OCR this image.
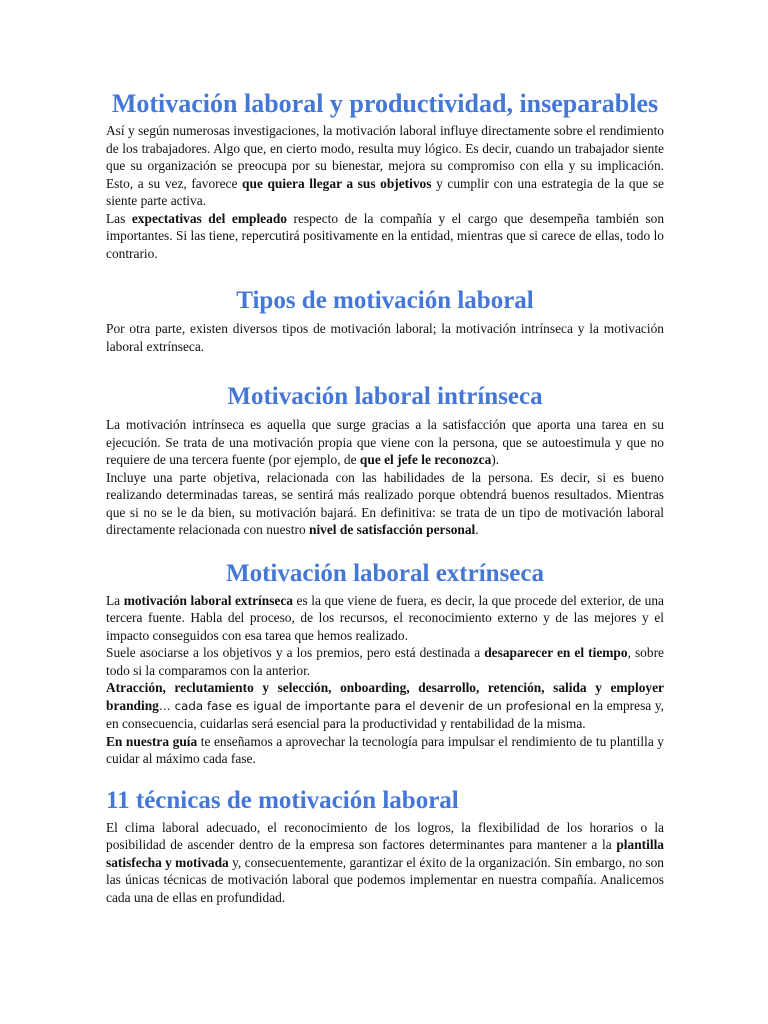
Motivación laboral y productividad, inseparables

Así y según numerosas investigaciones, la motivación laboral influye directamente sobre el rendimiento de los trabajadores. Algo que, en cierto modo, resulta muy lógico. Es decir, cuando un trabajador siente que su organización se preocupa por su bienestar, mejora su compromiso con ella y su implicación. Esto, a su vez, favorece que quiera llegar a sus objetivos y cumplir con una estrategia de la que se siente parte activa.

Las expectativas del empleado respecto de la compañía y el cargo que desempeña también son importantes. Si las tiene, repercutirá positivamente en la entidad, mientras que si carece de ellas, todo lo contrario.

Tipos de motivación laboral

Por otra parte, existen diversos tipos de motivación laboral; la motivación intrínseca y la motivación laboral extrínseca.

Motivación laboral intrínseca

La motivación intrínseca es aquella que surge gracias a la satisfacción que aporta una tarea en su ejecución. Se trata de una motivación propia que viene con la persona, que se autoestimula y que no requiere de una tercera fuente (por ejemplo, de que el jefe le reconozca).

Incluye una parte objetiva, relacionada con las habilidades de la persona. Es decir, si es bueno realizando determinadas tareas, se sentirá más realizado porque obtendrá buenos resultados. Mientras que si no se le da bien, su motivación bajará. En definitiva: se trata de un tipo de motivación laboral directamente relacionada con nuestro nivel de satisfacción personal.

Motivación laboral extrínseca

La motivación laboral extrínseca es la que viene de fuera, es decir, la que procede del exterior, de una tercera fuente. Habla del proceso, de los recursos, el reconocimiento externo y de las mejores y el impacto conseguidos con esa tarea que hemos realizado.

Suele asociarse a los objetivos y a los premios, pero está destinada a desaparecer en el tiempo, sobre todo si la comparamos con la anterior.

Atracción, reclutamiento y selección, onboarding, desarrollo, retención, salida y employer branding… cada fase es igual de importante para el devenir de un profesional en la empresa y, en consecuencia, cuidarlas será esencial para la productividad y rentabilidad de la misma.

En nuestra guía te enseñamos a aprovechar la tecnología para impulsar el rendimiento de tu plantilla y cuidar al máximo cada fase.

11 técnicas de motivación laboral

El clima laboral adecuado, el reconocimiento de los logros, la flexibilidad de los horarios o la posibilidad de ascender dentro de la empresa son factores determinantes para mantener a la plantilla satisfecha y motivada y, consecuentemente, garantizar el éxito de la organización. Sin embargo, no son las únicas técnicas de motivación laboral que podemos implementar en nuestra compañía. Analicemos cada una de ellas en profundidad.
